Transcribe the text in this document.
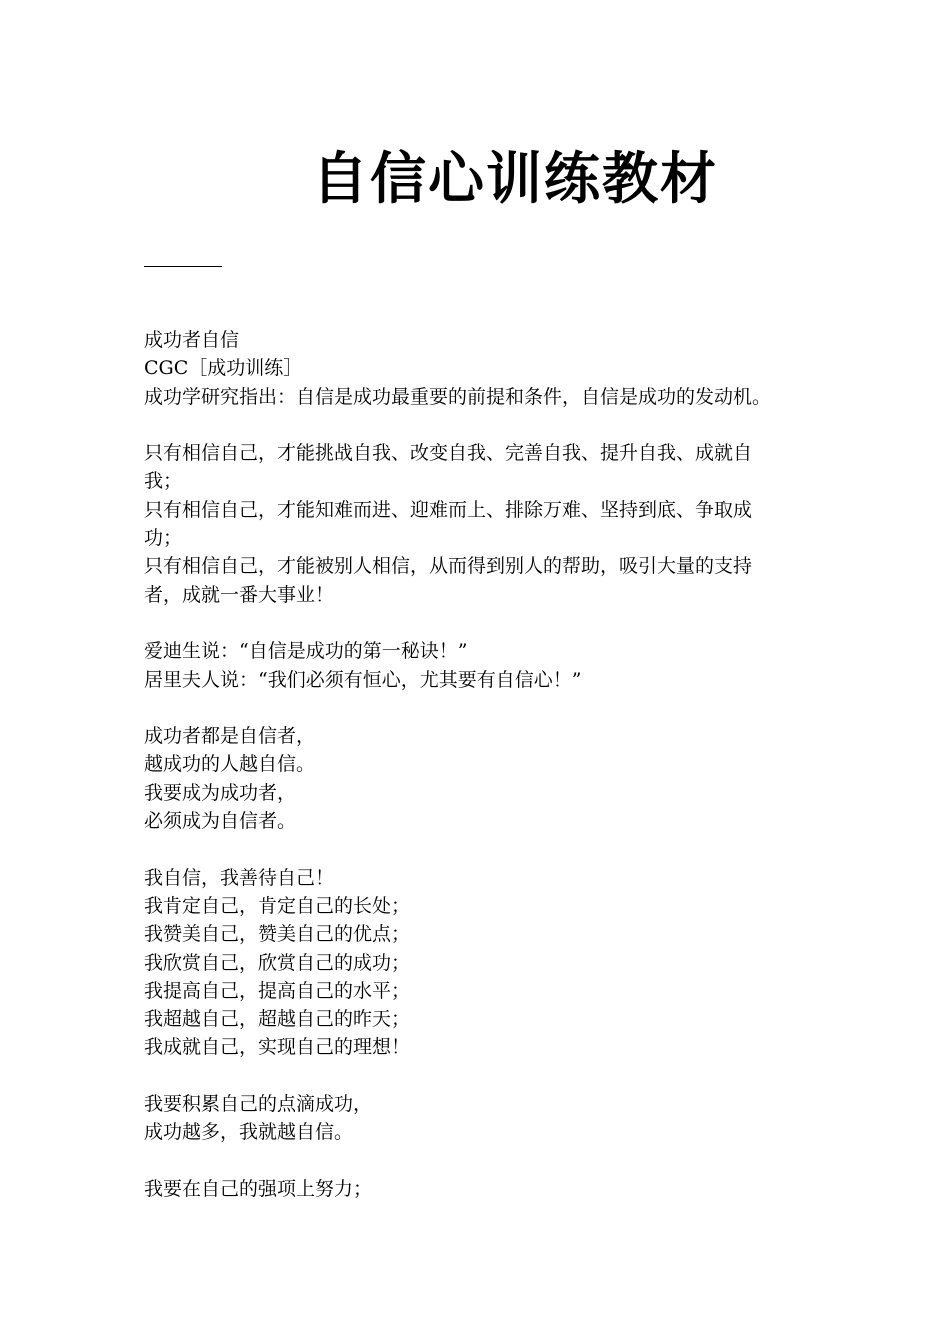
自信心训练教材
成功者自信
CGC［成功训练］
成功学研究指出：自信是成功最重要的前提和条件，自信是成功的发动机。
只有相信自己，才能挑战自我、改变自我、完善自我、提升自我、成就自
我；
只有相信自己，才能知难而进、迎难而上、排除万难、坚持到底、争取成
功；
只有相信自己，才能被别人相信，从而得到别人的帮助，吸引大量的支持
者，成就一番大事业！
爱迪生说：“自信是成功的第一秘诀！”
居里夫人说：“我们必须有恒心，尤其要有自信心！”
成功者都是自信者，
越成功的人越自信。
我要成为成功者，
必须成为自信者。
我自信，我善待自己！
我肯定自己，肯定自己的长处；
我赞美自己，赞美自己的优点；
我欣赏自己，欣赏自己的成功；
我提高自己，提高自己的水平；
我超越自己，超越自己的昨天；
我成就自己，实现自己的理想！
我要积累自己的点滴成功，
成功越多，我就越自信。
我要在自己的强项上努力；
